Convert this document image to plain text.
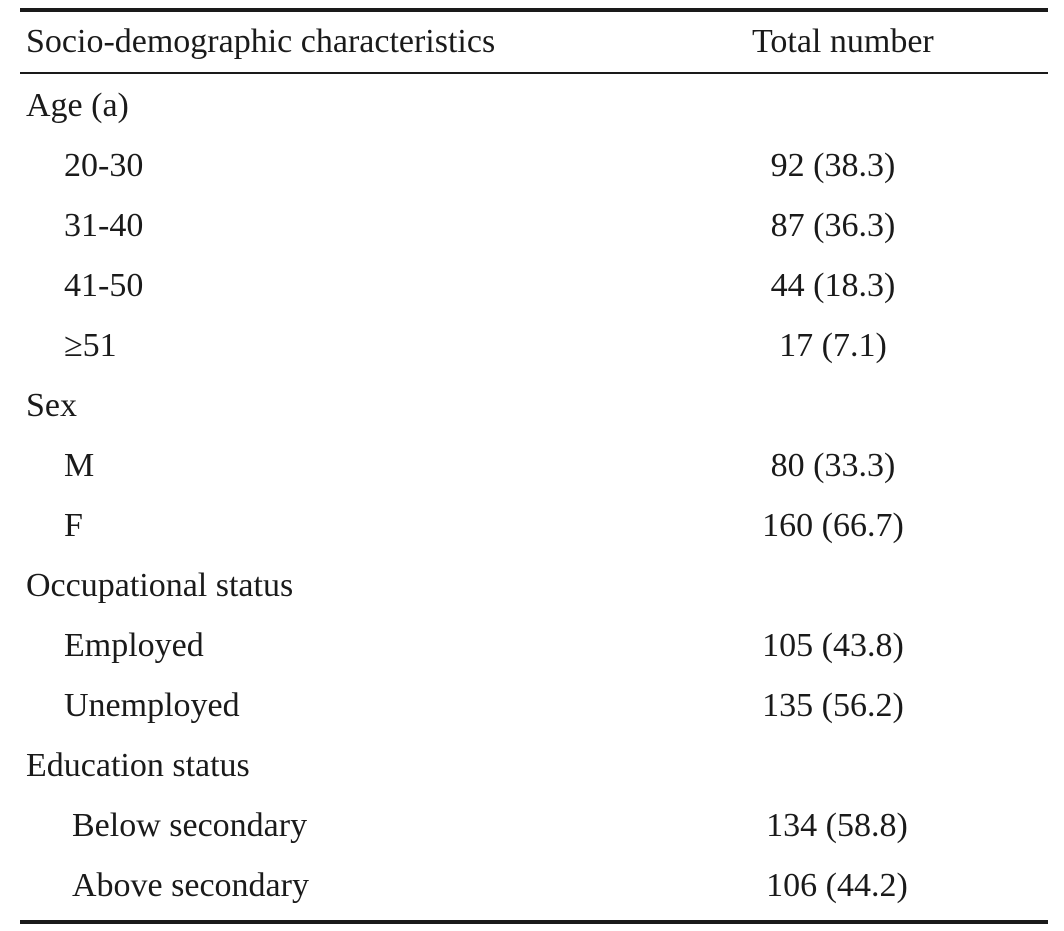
Socio-demographic characteristics	Total number
Age (a)
20-30	92 (38.3)
31-40	87 (36.3)
41-50	44 (18.3)
≥51	17 (7.1)
Sex
M	80 (33.3)
F	160 (66.7)
Occupational status
Employed	105 (43.8)
Unemployed	135 (56.2)
Education status
Below secondary	134 (58.8)
Above secondary	106 (44.2)
